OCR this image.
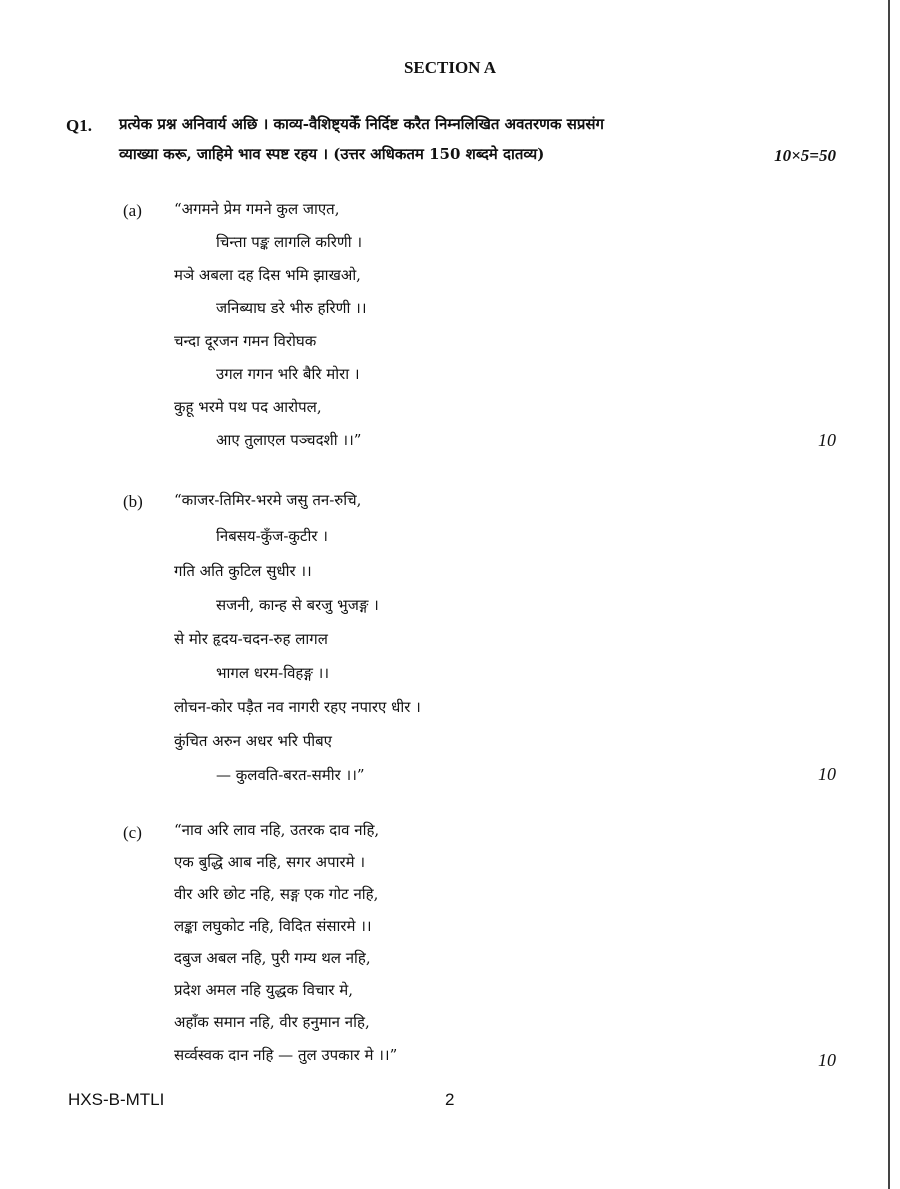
SECTION A
Q1. प्रत्येक प्रश्न अनिवार्य अछि । काव्य-वैशिष्ट्यकेँ निर्दिष्ट करैत निम्नलिखित अवतरणक सप्रसंग
व्याख्या करू, जाहिमे भाव स्पष्ट रहय । (उत्तर अधिकतम 150 शब्दमे दातव्य)	10×5=50
(a) “अगमने प्रेम गमने कुल जाएत,
चिन्ता पङ्क लागलि करिणी ।
मञे अबला दह दिस भमि झाखओ,
जनिब्याघ डरे भीरु हरिणी ।।
चन्दा दूरजन गमन विरोघक
उगल गगन भरि बैरि मोरा ।
कुहू भरमे पथ पद आरोपल,
आए तुलाएल पञ्चदशी ।।”	10
(b) “काजर-तिमिर-भरमे जसु तन-रुचि,
निबसय-कुँज-कुटीर ।
गति अति कुटिल सुधीर ।।
सजनी, कान्ह से बरजु भुजङ्ग ।
से मोर हृदय-चदन-रुह लागल
भागल धरम-विहङ्ग ।।
लोचन-कोर पड़ैत नव नागरी रहए नपारए धीर ।
कुंचित अरुन अधर भरि पीबए
— कुलवति-बरत-समीर ।।”	10
(c) “नाव अरि लाव नहि, उतरक दाव नहि,
एक बुद्धि आब नहि, सगर अपारमे ।
वीर अरि छोट नहि, सङ्ग एक गोट नहि,
लङ्का लघुकोट नहि, विदित संसारमे ।।
दबुज अबल नहि, पुरी गम्य थल नहि,
प्रदेश अमल नहि युद्धक विचार मे,
अहाँक समान नहि, वीर हनुमान नहि,
सर्व्वस्वक दान नहि — तुल उपकार मे ।।”	10
HXS-B-MTLI	2
